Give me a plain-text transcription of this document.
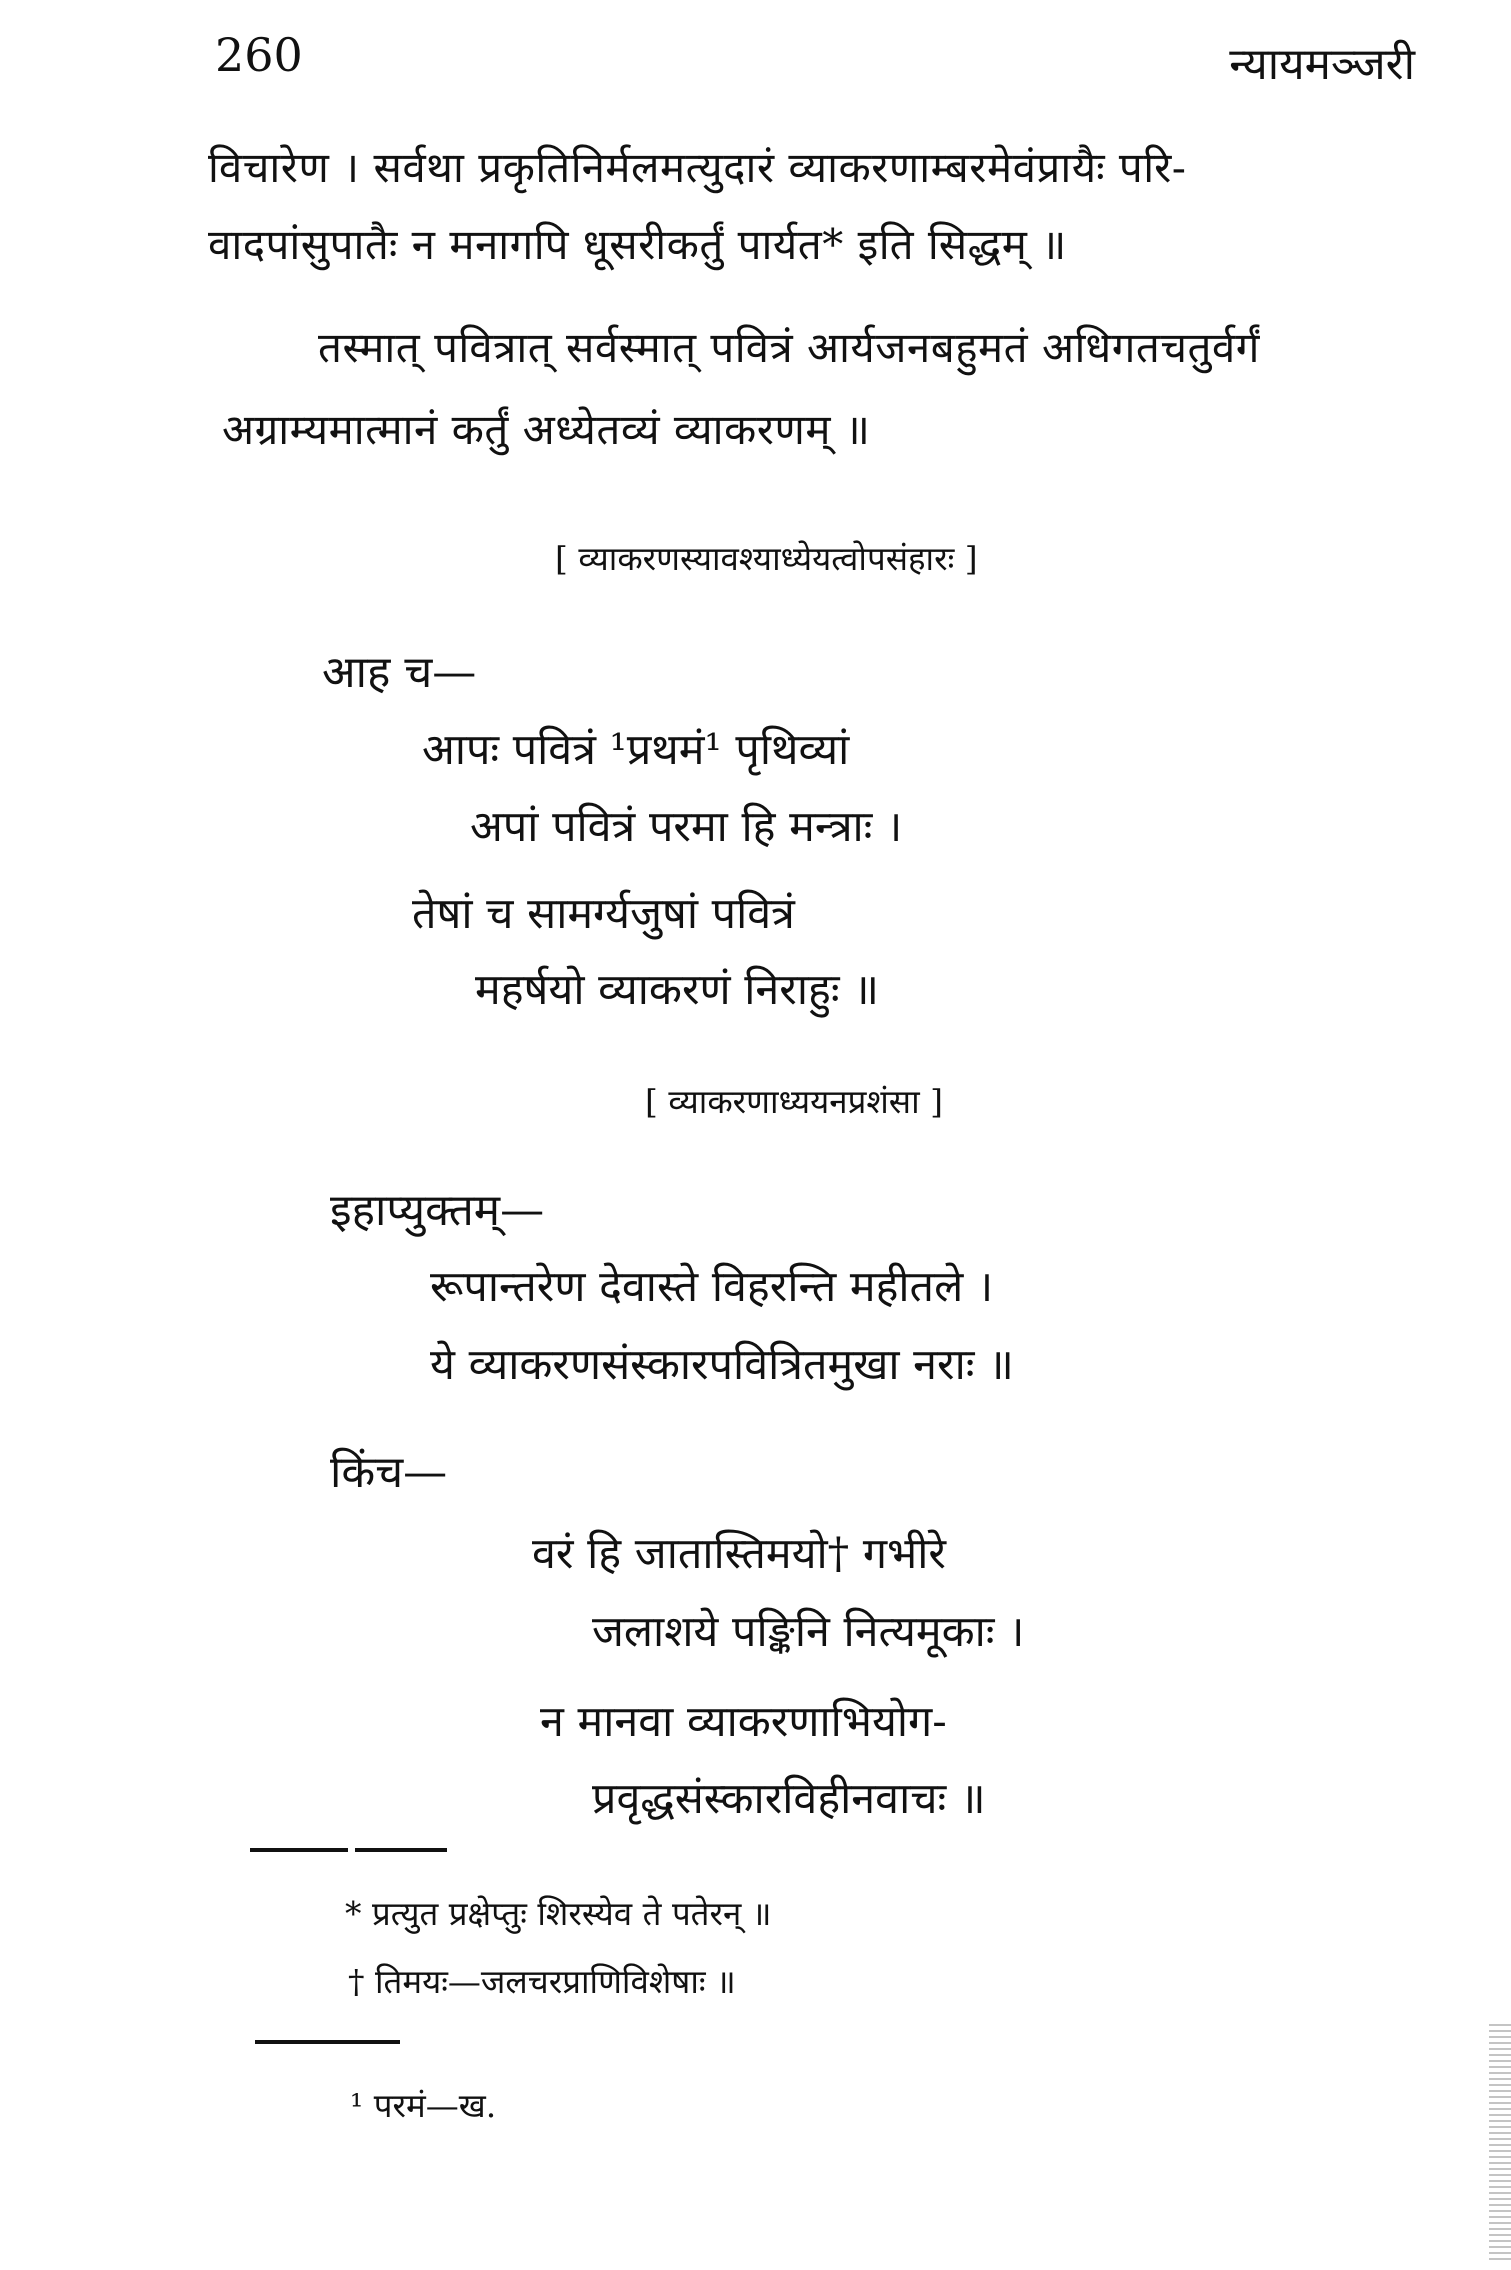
260	न्यायमञ्जरी
विचारेण । सर्वथा प्रकृतिनिर्मलमत्युदारं व्याकरणाम्बरमेवंप्रायैः परि-
वादपांसुपातैः न मनागपि धूसरीकर्तुं पार्यत* इति सिद्धम् ॥
तस्मात् पवित्रात् सर्वस्मात् पवित्रं आर्यजनबहुमतं अधिगतचतुर्वर्गं
अग्राम्यमात्मानं कर्तुं अध्येतव्यं व्याकरणम् ॥
[ व्याकरणस्यावश्याध्येयत्वोपसंहारः ]
आह च—
आपः पवित्रं ¹प्रथमं¹ पृथिव्यां
अपां पवित्रं परमा हि मन्त्राः ।
तेषां च सामर्ग्यजुषां पवित्रं
महर्षयो व्याकरणं निराहुः ॥
[ व्याकरणाध्ययनप्रशंसा ]
इहाप्युक्तम्—
रूपान्तरेण देवास्ते विहरन्ति महीतले ।
ये व्याकरणसंस्कारपवित्रितमुखा नराः ॥
किंच—
वरं हि जातास्तिमयो† गभीरे
जलाशये पङ्किनि नित्यमूकाः ।
न मानवा व्याकरणाभियोग-
प्रवृद्धसंस्कारविहीनवाचः ॥
* प्रत्युत प्रक्षेप्तुः शिरस्येव ते पतेरन् ॥
† तिमयः—जलचरप्राणिविशेषाः ॥
¹ परमं—ख.
